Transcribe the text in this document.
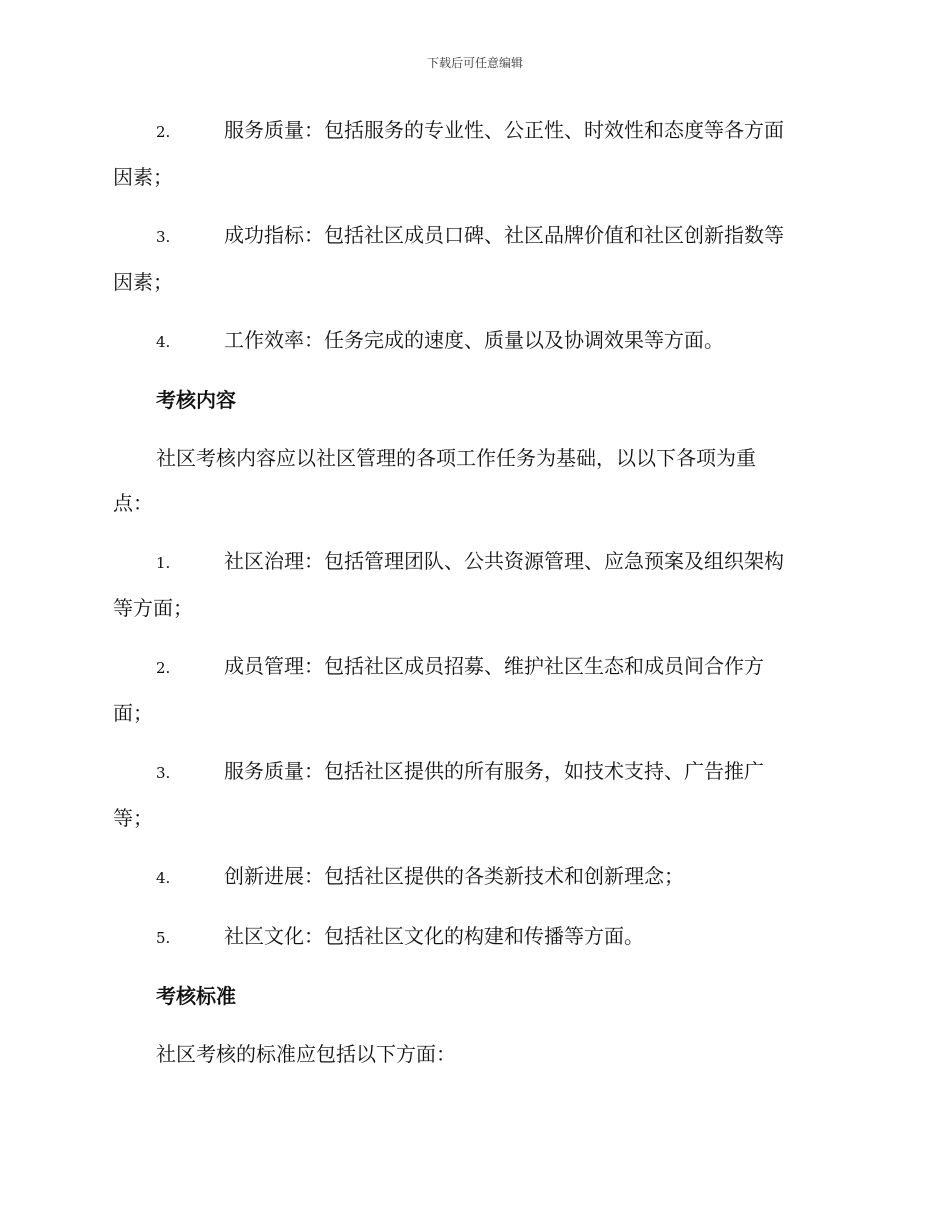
下载后可任意编辑
2.	服务质量：包括服务的专业性、公正性、时效性和态度等各方面
因素；
3.	成功指标：包括社区成员口碑、社区品牌价值和社区创新指数等
因素；
4.	工作效率：任务完成的速度、质量以及协调效果等方面。
考核内容
社区考核内容应以社区管理的各项工作任务为基础，以以下各项为重
点：
1.	社区治理：包括管理团队、公共资源管理、应急预案及组织架构
等方面；
2.	成员管理：包括社区成员招募、维护社区生态和成员间合作方
面；
3.	服务质量：包括社区提供的所有服务，如技术支持、广告推广
等；
4.	创新进展：包括社区提供的各类新技术和创新理念；
5.	社区文化：包括社区文化的构建和传播等方面。
考核标准
社区考核的标准应包括以下方面：
